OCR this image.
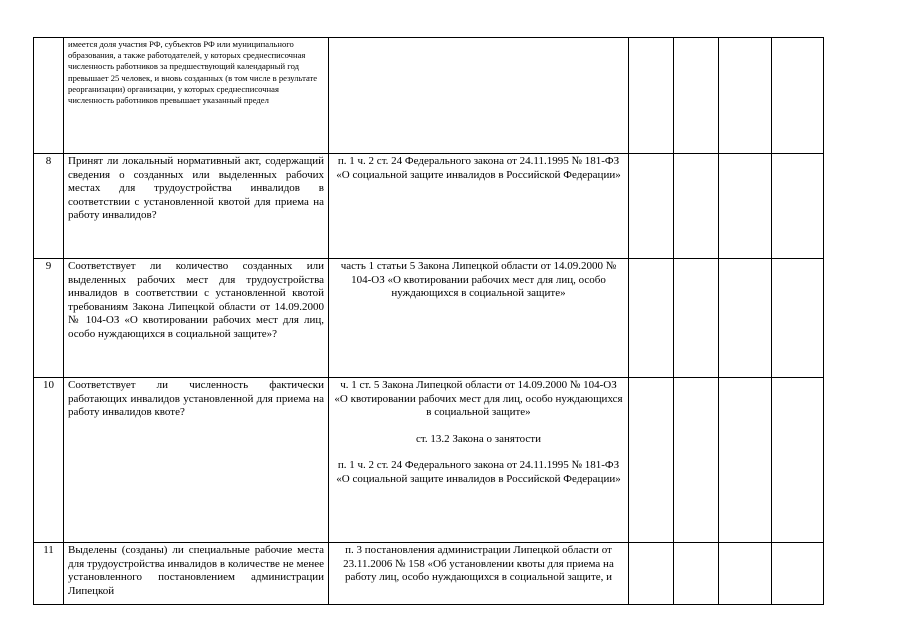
	имеется доля участия РФ, субъектов РФ или муниципального образования, а также работодателей, у которых среднесписочная численность работников за предшествующий календарный год превышает 25 человек, и вновь созданных (в том числе в результате реорганизации) организации, у которых среднесписочная численность работников превышает указанный предел					
8	Принят ли локальный нормативный акт, содержащий сведения о созданных или выделенных рабочих местах для трудоустройства инвалидов в соответствии с установленной квотой для приема на работу инвалидов?	п. 1 ч. 2 ст. 24 Федерального закона от 24.11.1995 № 181-ФЗ «О социальной защите инвалидов в Российской Федерации»				

9	Соответствует ли количество созданных или выделенных рабочих мест для трудоустройства инвалидов в соответствии с установленной квотой требованиям Закона Липецкой области от 14.09.2000 № 104-ОЗ «О квотировании рабочих мест для лиц, особо нуждающихся в социальной защите»?	часть 1 статьи 5 Закона Липецкой области от 14.09.2000 № 104-ОЗ «О квотировании рабочих мест для лиц, особо нуждающихся в социальной защите»				

10	Соответствует ли численность фактически работающих инвалидов установленной для приема на работу инвалидов квоте?	ч. 1 ст. 5 Закона Липецкой области от 14.09.2000 № 104-ОЗ «О квотировании рабочих мест для лиц, особо нуждающихся в социальной защите»
ст. 13.2 Закона о занятости
п. 1 ч. 2 ст. 24 Федерального закона от 24.11.1995 № 181-ФЗ «О социальной защите инвалидов в Российской Федерации»				

11	Выделены (созданы) ли специальные рабочие места для трудоустройства инвалидов в количестве не менее установленного постановлением администрации Липецкой	п. 3 постановления администрации Липецкой области от 23.11.2006 № 158 «Об установлении квоты для приема на работу лиц, особо нуждающихся в социальной защите, и				
